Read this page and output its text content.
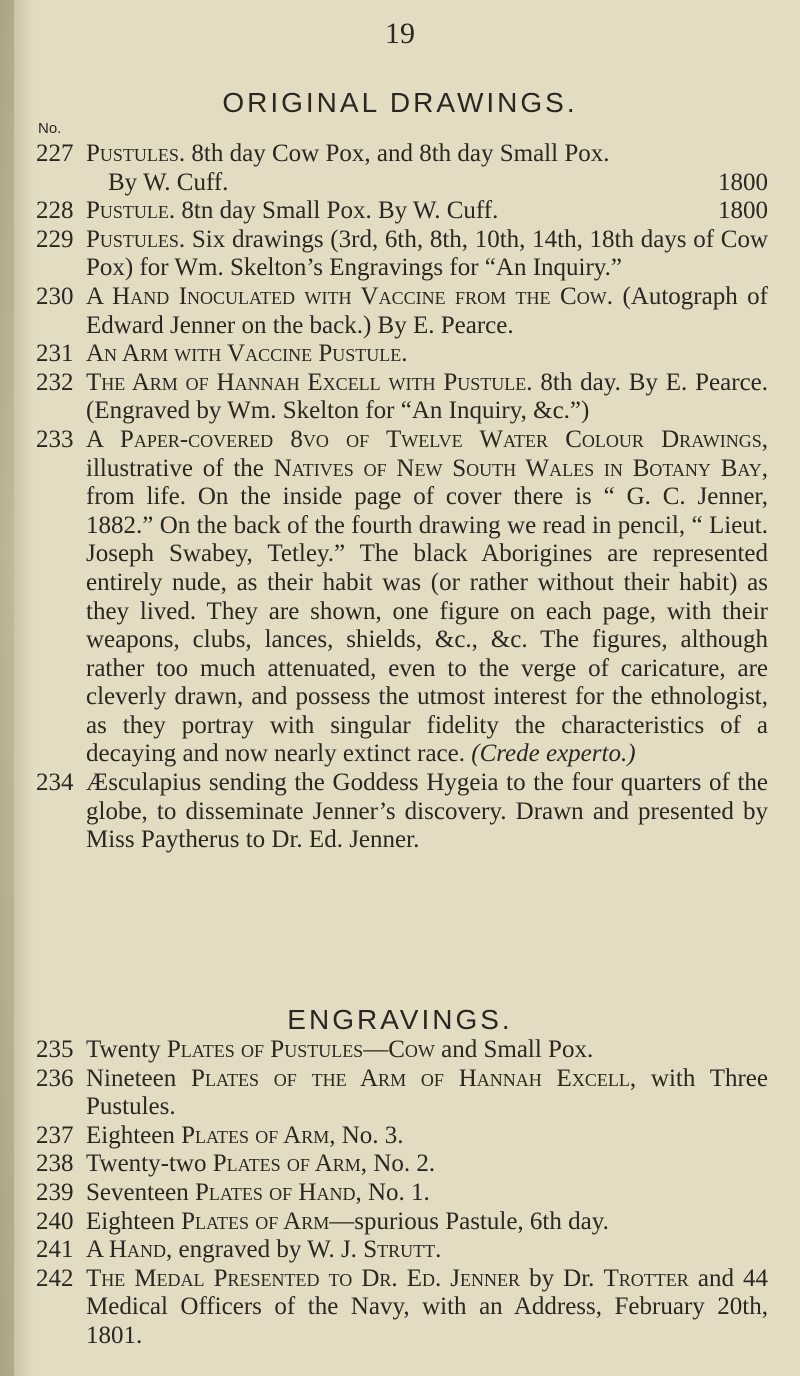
19
ORIGINAL DRAWINGS.
No.
227 Pustules. 8th day Cow Pox, and 8th day Small Pox.
By W. Cuff.	1800
228 Pustule. 8tn day Small Pox. By W. Cuff.	1800
229 Pustules. Six drawings (3rd, 6th, 8th, 10th, 14th, 18th days of Cow Pox) for Wm. Skelton’s Engravings for “An Inquiry.”
230 A Hand Inoculated with Vaccine from the Cow. (Autograph of Edward Jenner on the back.) By E. Pearce.
231 An Arm with Vaccine Pustule.
232 The Arm of Hannah Excell with Pustule. 8th day. By E. Pearce. (Engraved by Wm. Skelton for “An Inquiry, &c.”)
233 A Paper-covered 8vo of Twelve Water Colour Drawings, illustrative of the Natives of New South Wales in Botany Bay, from life. On the inside page of cover there is “ G. C. Jenner, 1882.” On the back of the fourth drawing we read in pencil, “ Lieut. Joseph Swabey, Tetley.” The black Aborigines are represented entirely nude, as their habit was (or rather without their habit) as they lived. They are shown, one figure on each page, with their weapons, clubs, lances, shields, &c., &c. The figures, although rather too much attenuated, even to the verge of caricature, are cleverly drawn, and possess the utmost interest for the ethnologist, as they portray with singular fidelity the characteristics of a decaying and now nearly extinct race. (Crede experto.)
234 Æsculapius sending the Goddess Hygeia to the four quarters of the globe, to disseminate Jenner’s discovery. Drawn and presented by Miss Paytherus to Dr. Ed. Jenner.
ENGRAVINGS.
235 Twenty Plates of Pustules—Cow and Small Pox.
236 Nineteen Plates of the Arm of Hannah Excell, with Three Pustules.
237 Eighteen Plates of Arm, No. 3.
238 Twenty-two Plates of Arm, No. 2.
239 Seventeen Plates of Hand, No. 1.
240 Eighteen Plates of Arm—spurious Pastule, 6th day.
241 A Hand, engraved by W. J. Strutt.
242 The Medal Presented to Dr. Ed. Jenner by Dr. Trotter and 44 Medical Officers of the Navy, with an Address, February 20th, 1801.
